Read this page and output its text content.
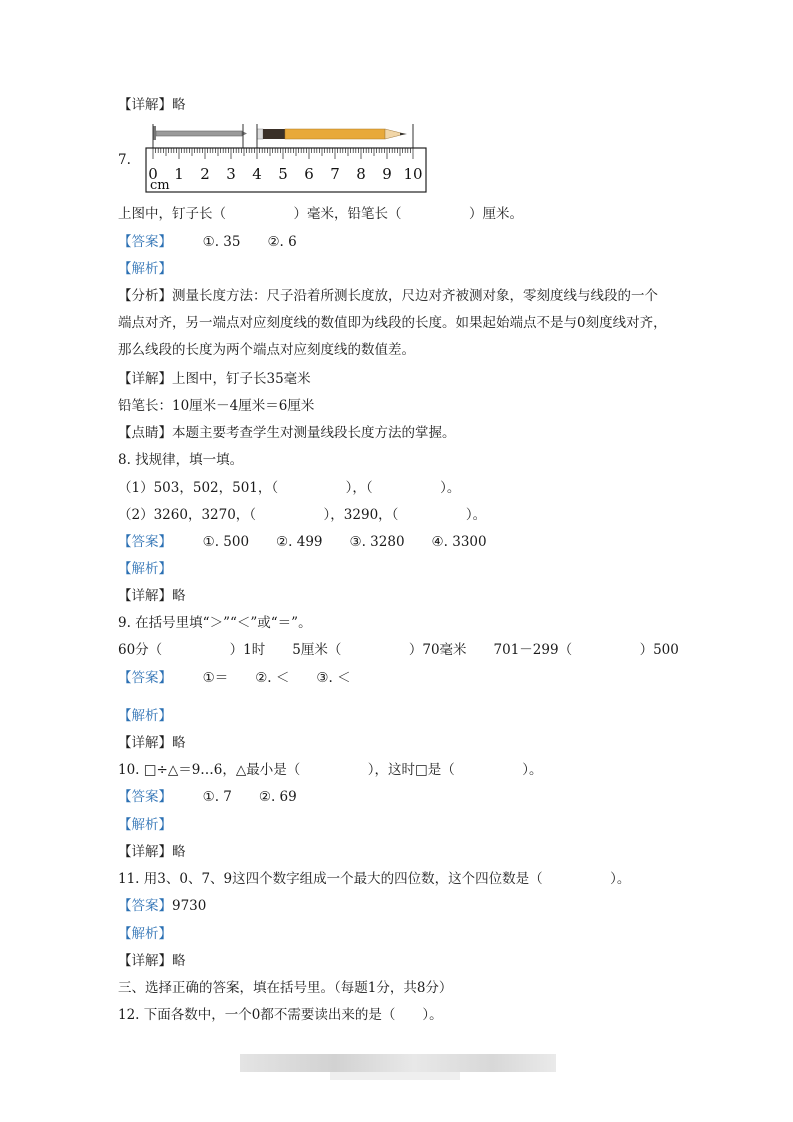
【详解】略
7.
0 1 2 3 4 5 6 7 8 9 10
cm
上图中，钉子长（　　　　　）毫米，铅笔长（　　　　　）厘米。
【答案】 ①. 35　　②. 6
【解析】
【分析】测量长度方法：尺子沿着所测长度放，尺边对齐被测对象，零刻度线与线段的一个
端点对齐，另一端点对应刻度线的数值即为线段的长度。如果起始端点不是与0刻度线对齐，
那么线段的长度为两个端点对应刻度线的数值差。
【详解】上图中，钉子长35毫米
铅笔长：10厘米－4厘米＝6厘米
【点睛】本题主要考查学生对测量线段长度方法的掌握。
8. 找规律，填一填。
（1）503，502，501，（　　　　　），（　　　　　）。
（2）3260，3270，（　　　　　），3290，（　　　　　）。
【答案】 ①. 500　　②. 499　　③. 3280　　④. 3300
【解析】
【详解】略
9. 在括号里填“＞”“＜”或“＝”。
60分（　　　　　）1时　　5厘米（　　　　　）70毫米　　701－299（　　　　　）500
【答案】 ①＝　　②. ＜　　③. ＜
【解析】
【详解】略
10. □÷△＝9…6，△最小是（　　　　　），这时□是（　　　　　）。
【答案】 ①. 7　　②. 69
【解析】
【详解】略
11. 用3、0、7、9这四个数字组成一个最大的四位数，这个四位数是（　　　　　）。
【答案】9730
【解析】
【详解】略
三、选择正确的答案，填在括号里。（每题1分，共8分）
12. 下面各数中，一个0都不需要读出来的是（　　）。
